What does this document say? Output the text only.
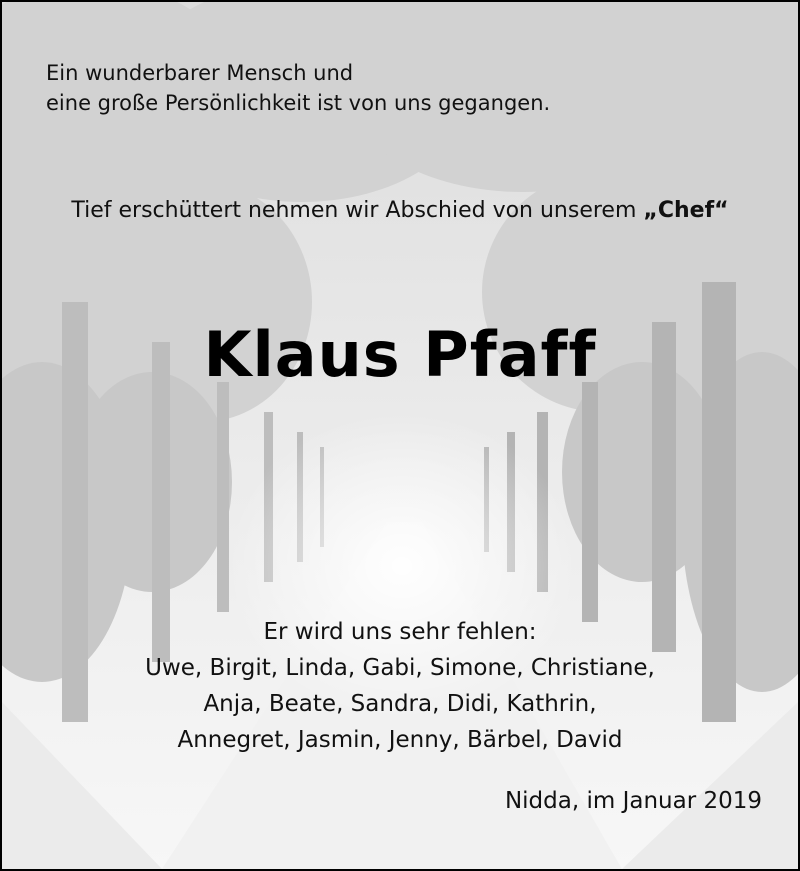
Ein wunderbarer Mensch und
eine große Persönlichkeit ist von uns gegangen.
Tief erschüttert nehmen wir Abschied von unserem „Chef“
Klaus Pfaff
Er wird uns sehr fehlen:
Uwe, Birgit, Linda, Gabi, Simone, Christiane,
Anja, Beate, Sandra, Didi, Kathrin,
Annegret, Jasmin, Jenny, Bärbel, David
Nidda, im Januar 2019
